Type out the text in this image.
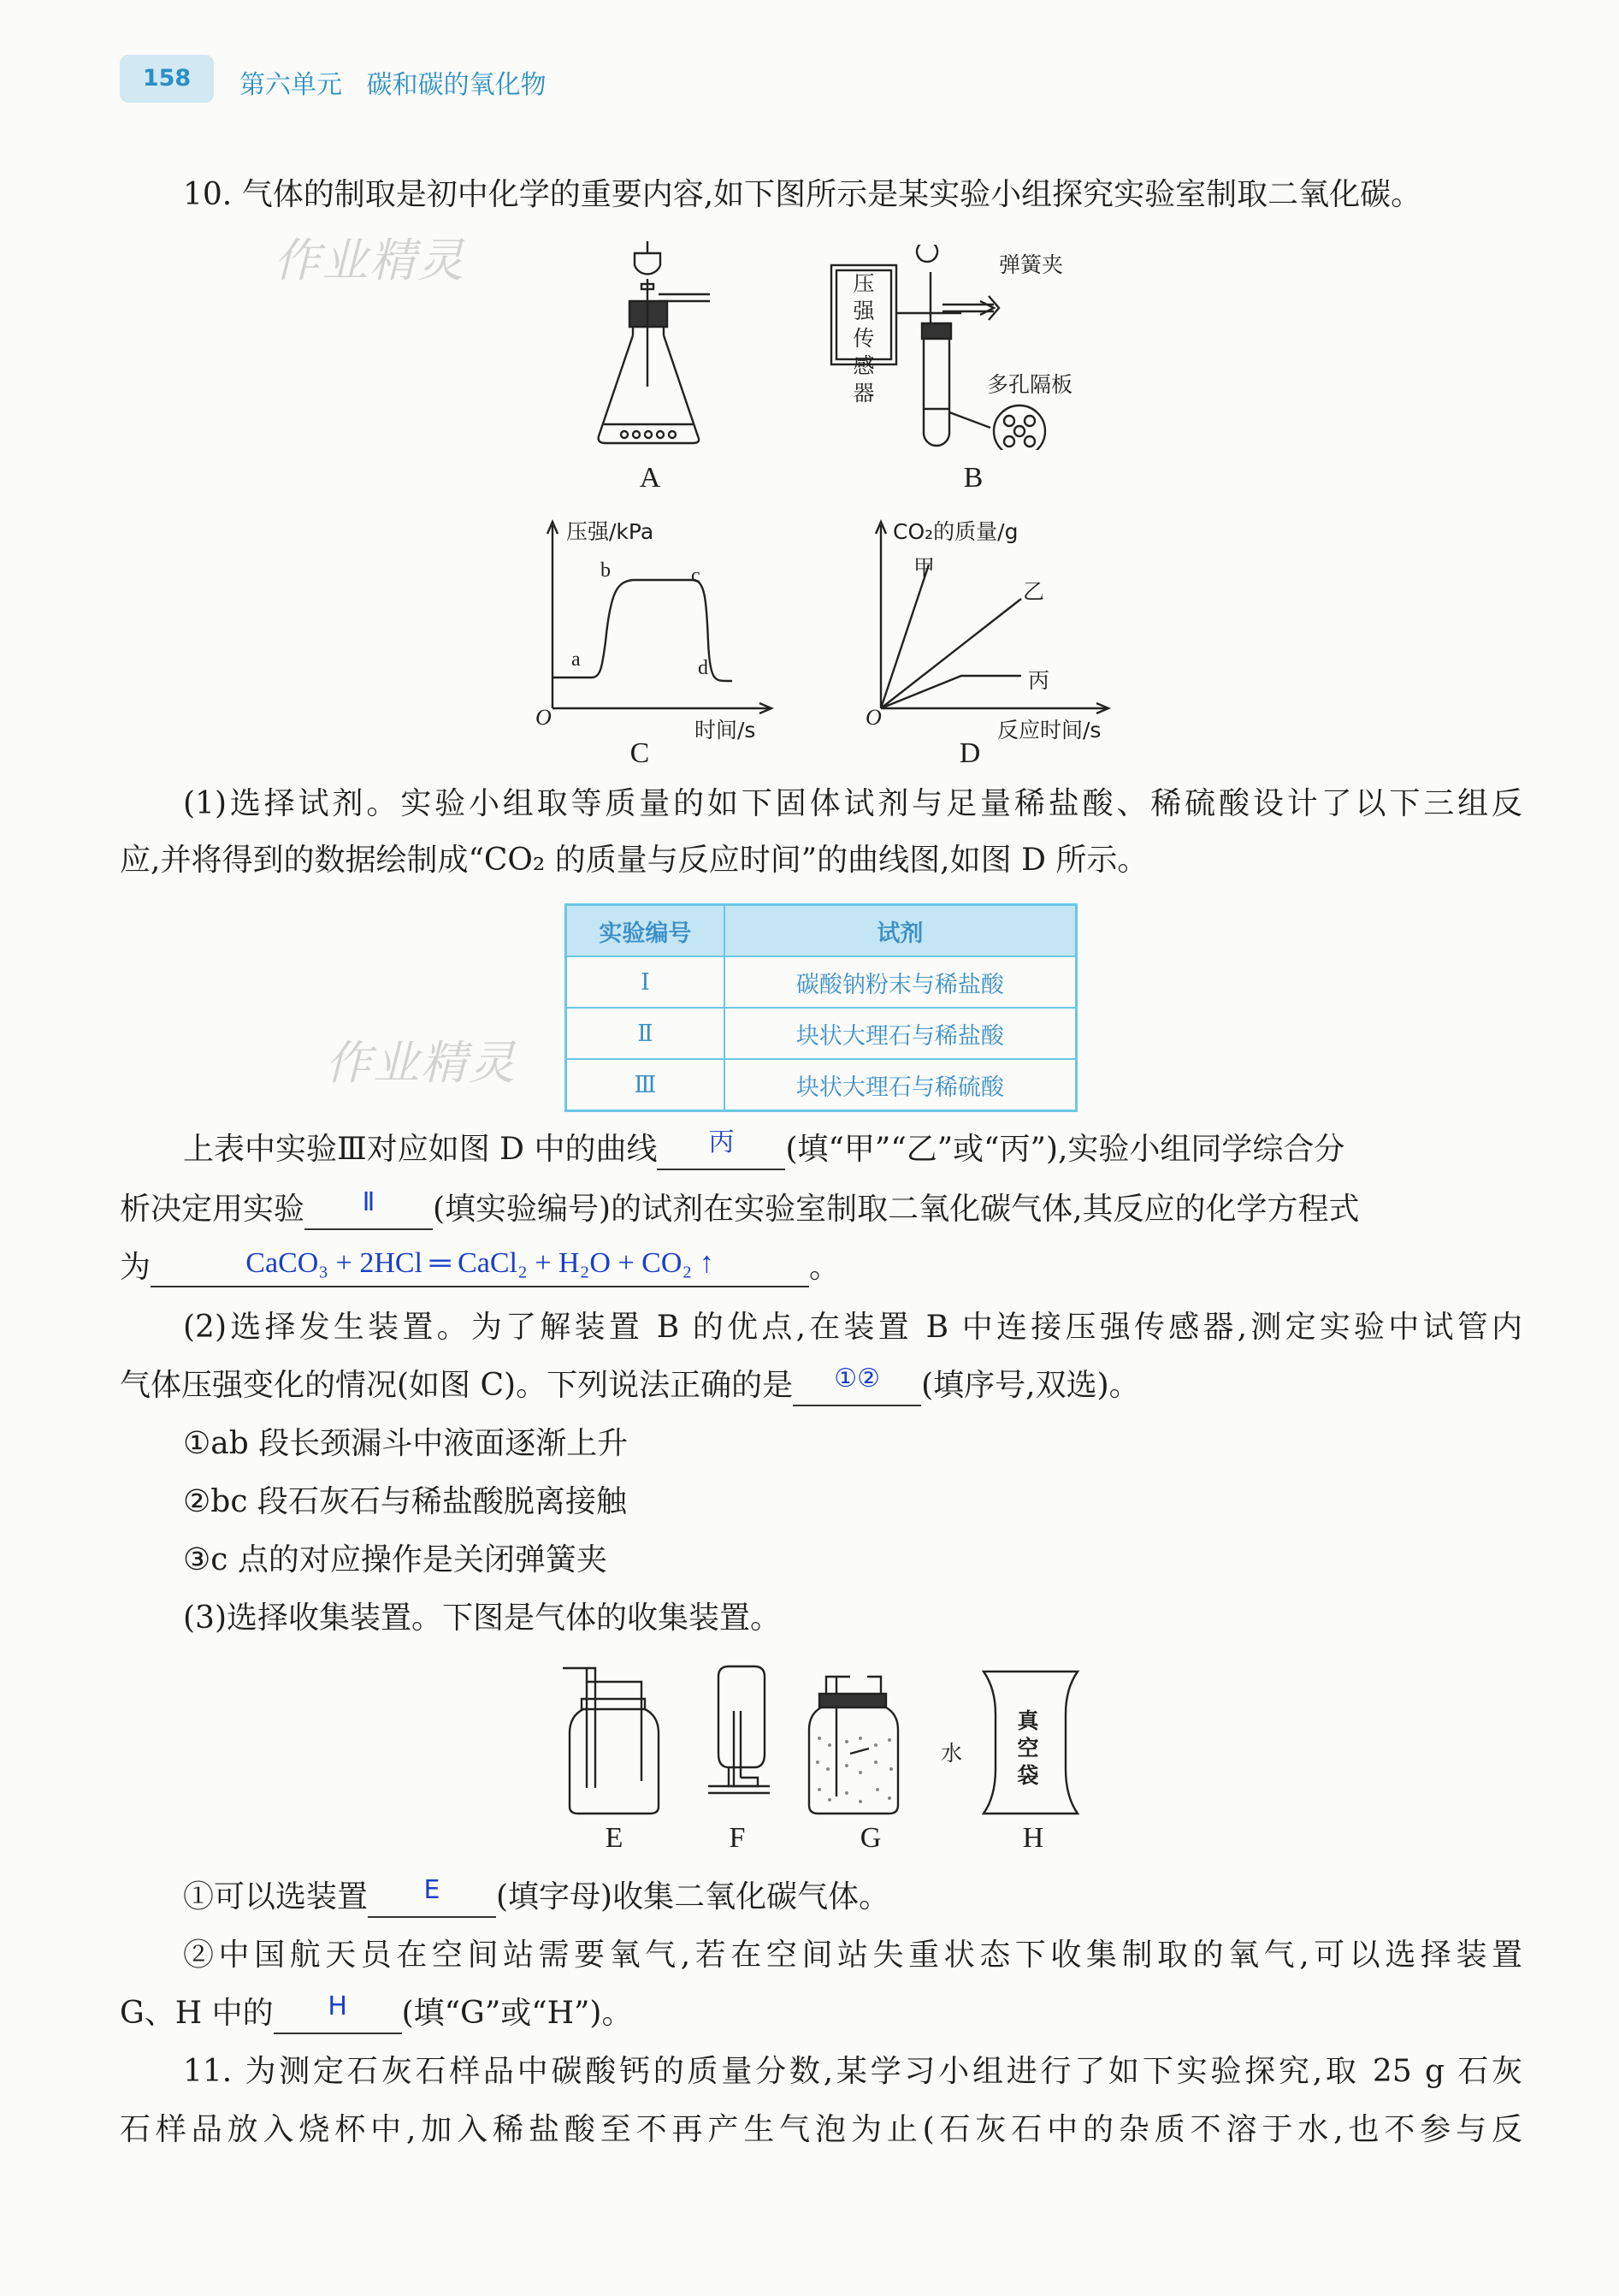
158	第六单元 碳和碳的氧化物
作业精灵
作业精灵
10. 气体的制取是初中化学的重要内容,如下图所示是某实验小组探究实验室制取二氧化碳。
A
压强
传感
器
弹簧夹
多孔隔板
B
压强/kPa
时间/s
O
a
b	c
d
C
CO₂的质量/g
反应时间/s
O
甲
乙
丙
D
(1)选择试剂。实验小组取等质量的如下固体试剂与足量稀盐酸、稀硫酸设计了以下三组反
应,并将得到的数据绘制成“CO₂ 的质量与反应时间”的曲线图,如图 D 所示。
实验编号	试剂
Ⅰ	碳酸钠粉末与稀盐酸
Ⅱ	块状大理石与稀盐酸
Ⅲ	块状大理石与稀硫酸
上表中实验Ⅲ对应如图 D 中的曲线 $^丙$ (填“甲”“乙”或“丙”),实验小组同学综合分
析决定用实验 $^Ⅱ$ (填实验编号)的试剂在实验室制取二氧化碳气体,其反应的化学方程式
为	CaCO₃ + 2HCl ═ CaCl₂ + H₂O + CO₂ ↑	。
(2)选择发生装置。为了解装置 B 的优点,在装置 B 中连接压强传感器,测定实验中试管内
气体压强变化的情况(如图 C)。下列说法正确的是 ①② (填序号,双选)。
①ab 段长颈漏斗中液面逐渐上升
②bc 段石灰石与稀盐酸脱离接触
③c 点的对应操作是关闭弹簧夹
(3)选择收集装置。下图是气体的收集装置。
水
真
空
袋
E	F	G	H
①可以选装置 $^E$ (填字母)收集二氧化碳气体。
②中国航天员在空间站需要氧气,若在空间站失重状态下收集制取的氧气,可以选择装置
G、H 中的 $^H$ (填“G”或“H”)。
11. 为测定石灰石样品中碳酸钙的质量分数,某学习小组进行了如下实验探究,取 25 g 石灰
石样品放入烧杯中,加入稀盐酸至不再产生气泡为止(石灰石中的杂质不溶于水,也不参与反
